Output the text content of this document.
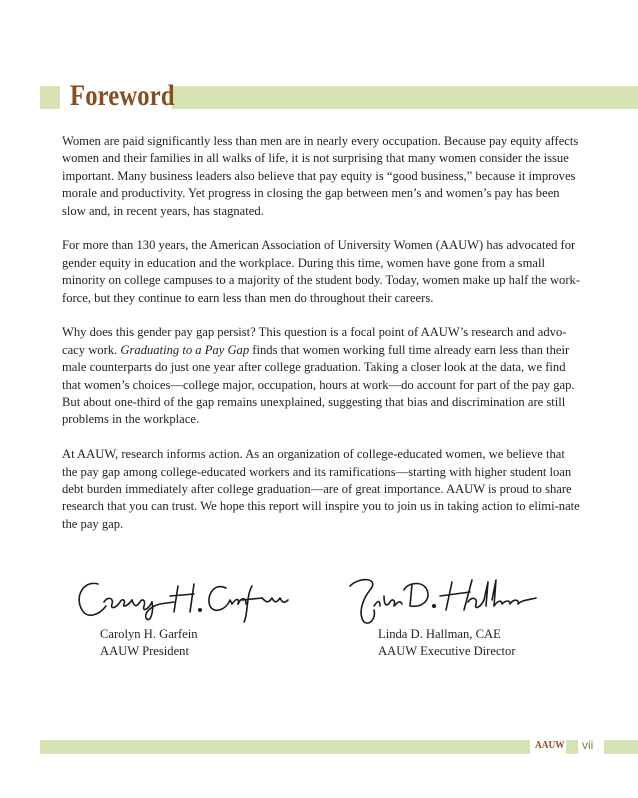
Foreword

Women are paid significantly less than men are in nearly every occupation. Because pay equity affects women and their families in all walks of life, it is not surprising that many women consider the issue important. Many business leaders also believe that pay equity is “good business,” because it improves morale and productivity. Yet progress in closing the gap between men’s and women’s pay has been slow and, in recent years, has stagnated.

For more than 130 years, the American Association of University Women (AAUW) has advocated for gender equity in education and the workplace. During this time, women have gone from a small minority on college campuses to a majority of the student body. Today, women make up half the work-force, but they continue to earn less than men do throughout their careers.

Why does this gender pay gap persist? This question is a focal point of AAUW’s research and advo-cacy work. Graduating to a Pay Gap finds that women working full time already earn less than their male counterparts do just one year after college graduation. Taking a closer look at the data, we find that women’s choices—college major, occupation, hours at work—do account for part of the pay gap. But about one-third of the gap remains unexplained, suggesting that bias and discrimination are still problems in the workplace.

At AAUW, research informs action. As an organization of college-educated women, we believe that the pay gap among college-educated workers and its ramifications—starting with higher student loan debt burden immediately after college graduation—are of great importance. AAUW is proud to share research that you can trust. We hope this report will inspire you to join us in taking action to elimi-nate the pay gap.

Carolyn H. Garfein
AAUW President
Linda D. Hallman, CAE
AAUW Executive Director
AAUW vii
